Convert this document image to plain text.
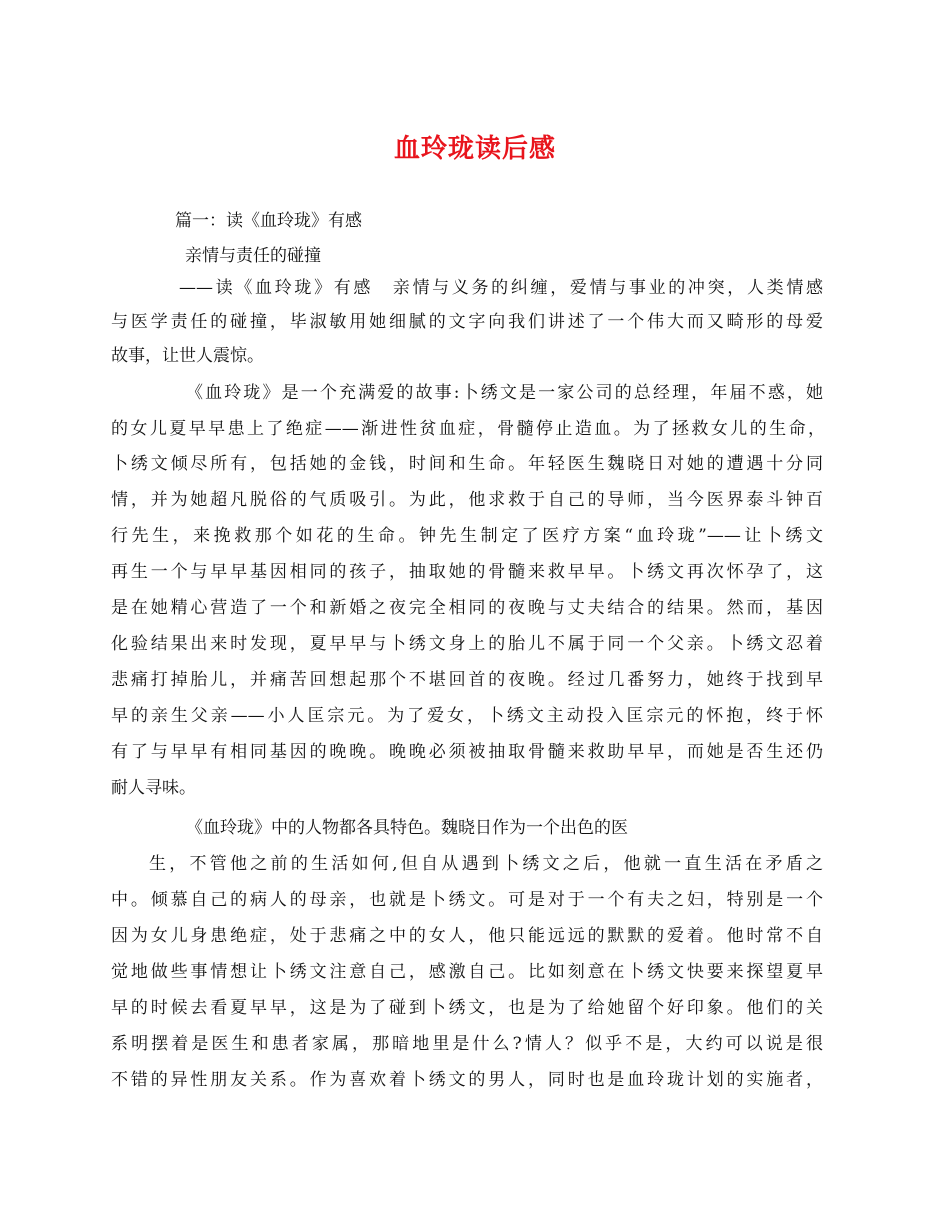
血玲珑读后感
篇一：读《血玲珑》有感
亲情与责任的碰撞
——读《血玲珑》有感　亲情与义务的纠缠，爱情与事业的冲突，人类情感
与医学责任的碰撞，毕淑敏用她细腻的文字向我们讲述了一个伟大而又畸形的母爱
故事，让世人震惊。
《血玲珑》是一个充满爱的故事:卜绣文是一家公司的总经理，年届不惑，她
的女儿夏早早患上了绝症——渐进性贫血症，骨髓停止造血。为了拯救女儿的生命，
卜绣文倾尽所有，包括她的金钱，时间和生命。年轻医生魏晓日对她的遭遇十分同
情，并为她超凡脱俗的气质吸引。为此，他求救于自己的导师，当今医界泰斗钟百
行先生，来挽救那个如花的生命。钟先生制定了医疗方案“血玲珑”——让卜绣文
再生一个与早早基因相同的孩子，抽取她的骨髓来救早早。卜绣文再次怀孕了，这
是在她精心营造了一个和新婚之夜完全相同的夜晚与丈夫结合的结果。然而，基因
化验结果出来时发现，夏早早与卜绣文身上的胎儿不属于同一个父亲。卜绣文忍着
悲痛打掉胎儿，并痛苦回想起那个不堪回首的夜晚。经过几番努力，她终于找到早
早的亲生父亲——小人匡宗元。为了爱女，卜绣文主动投入匡宗元的怀抱，终于怀
有了与早早有相同基因的晚晚。晚晚必须被抽取骨髓来救助早早，而她是否生还仍
耐人寻味。
《血玲珑》中的人物都各具特色。魏晓日作为一个出色的医
生，不管他之前的生活如何,但自从遇到卜绣文之后，他就一直生活在矛盾之
中。倾慕自己的病人的母亲，也就是卜绣文。可是对于一个有夫之妇，特别是一个
因为女儿身患绝症，处于悲痛之中的女人，他只能远远的默默的爱着。他时常不自
觉地做些事情想让卜绣文注意自己，感激自己。比如刻意在卜绣文快要来探望夏早
早的时候去看夏早早，这是为了碰到卜绣文，也是为了给她留个好印象。他们的关
系明摆着是医生和患者家属，那暗地里是什么?情人？似乎不是，大约可以说是很
不错的异性朋友关系。作为喜欢着卜绣文的男人，同时也是血玲珑计划的实施者，
